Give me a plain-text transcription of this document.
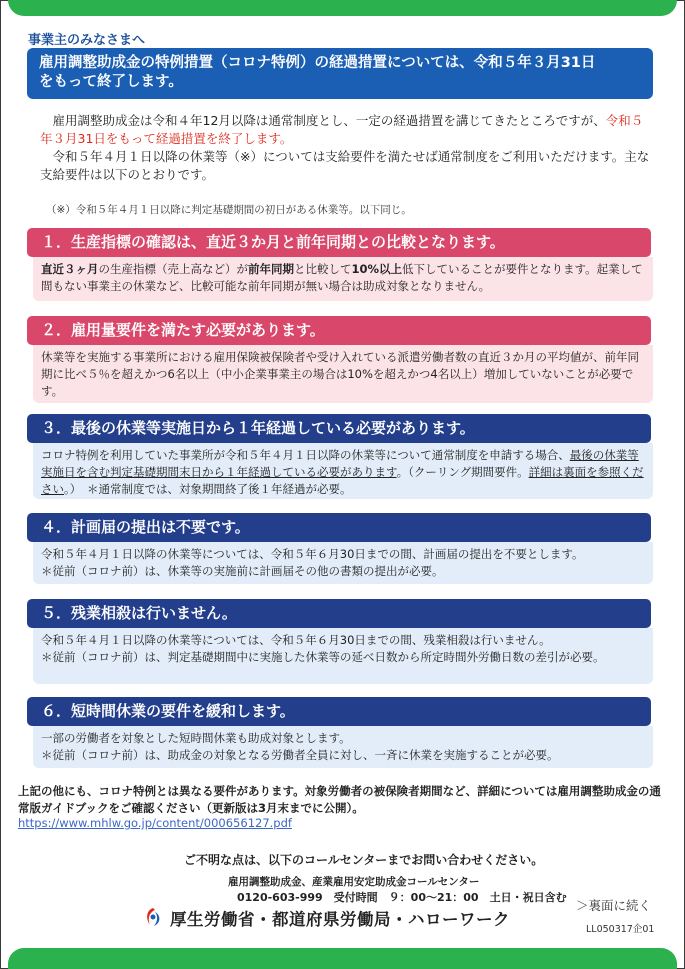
事業主のみなさまへ
雇用調整助成金の特例措置（コロナ特例）の経過措置については、令和５年３月31日
をもって終了します。

雇用調整助成金は令和４年12月以降は通常制度とし、一定の経過措置を講じてきたところですが、令和５年３月31日をもって経過措置を終了します。

令和５年４月１日以降の休業等（※）については支給要件を満たせば通常制度をご利用いただけます。主な支給要件は以下のとおりです。

（※）令和５年４月１日以降に判定基礎期間の初日がある休業等。以下同じ。
１．生産指標の確認は、直近３か月と前年同期との比較となります。
直近３ヶ月の生産指標（売上高など）が前年同期と比較して10%以上低下していることが要件となります。起業して間もない事業主の休業など、比較可能な前年同期が無い場合は助成対象となりません。
２．雇用量要件を満たす必要があります。
休業等を実施する事業所における雇用保険被保険者や受け入れている派遣労働者数の直近３か月の平均値が、前年同期に比べ５％を超えかつ6名以上（中小企業事業主の場合は10%を超えかつ4名以上）増加していないことが必要です。
３．最後の休業等実施日から１年経過している必要があります。
コロナ特例を利用していた事業所が令和５年４月１日以降の休業等について通常制度を申請する場合、最後の休業等実施日を含む判定基礎期間末日から１年経過している必要があります。（クーリング期間要件。詳細は裏面を参照ください。）　＊通常制度では、対象期間終了後１年経過が必要。
４．計画届の提出は不要です。
令和５年４月１日以降の休業等については、令和５年６月30日までの間、計画届の提出を不要とします。
＊従前（コロナ前）は、休業等の実施前に計画届その他の書類の提出が必要。
５．残業相殺は行いません。
令和５年４月１日以降の休業等については、令和５年６月30日までの間、残業相殺は行いません。
＊従前（コロナ前）は、判定基礎期間中に実施した休業等の延べ日数から所定時間外労働日数の差引が必要。
６．短時間休業の要件を緩和します。
一部の労働者を対象とした短時間休業も助成対象とします。
＊従前（コロナ前）は、助成金の対象となる労働者全員に対し、一斉に休業を実施することが必要。
上記の他にも、コロナ特例とは異なる要件があります。対象労働者の被保険者期間など、詳細については雇用調整助成金の通常版ガイドブックをご確認ください（更新版は3月末までに公開）。
https://www.mhlw.go.jp/content/000656127.pdf
ご不明な点は、以下のコールセンターまでお問い合わせください。
雇用調整助成金、産業雇用安定助成金コールセンター
0120-603-999　受付時間　９：00～21：00　土日・祝日含む
厚生労働省・都道府県労働局・ハローワーク
＞裏面に続く
LL050317企01
